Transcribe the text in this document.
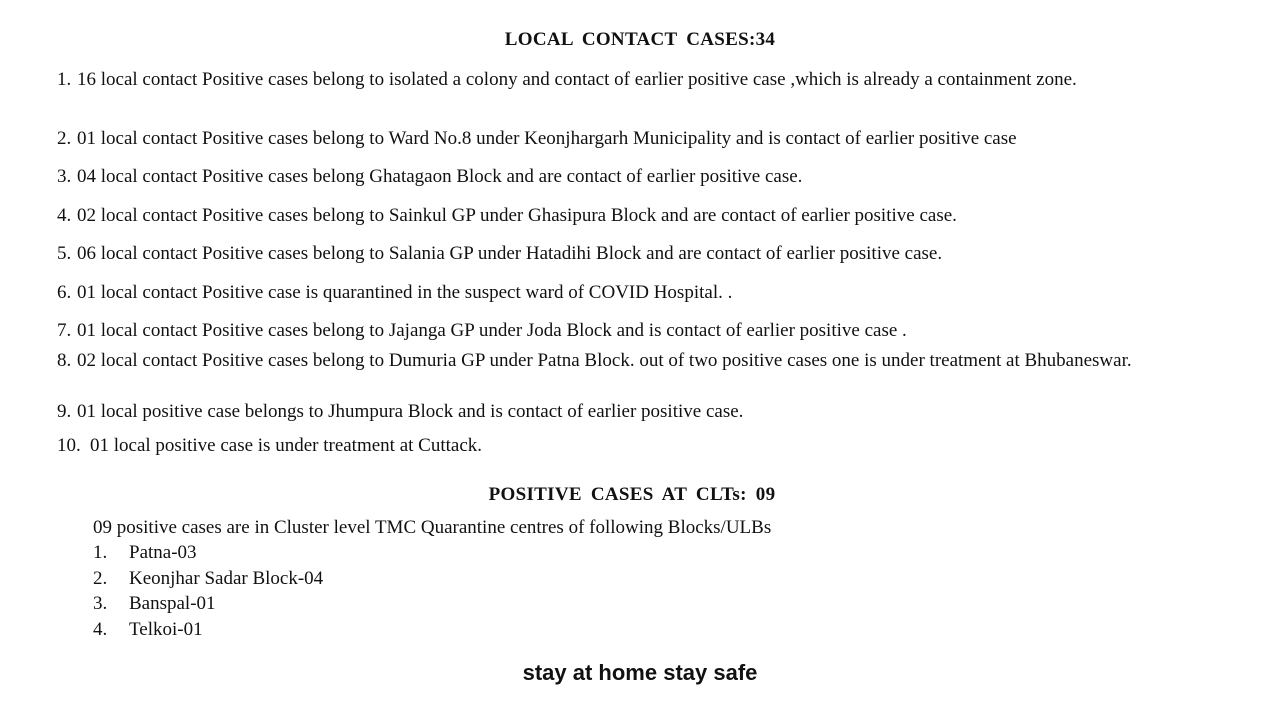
LOCAL CONTACT CASES:34
1. 16 local contact Positive cases belong to isolated a colony and contact of earlier positive case ,which is already a containment zone.
2. 01 local contact Positive cases belong to Ward No.8 under Keonjhargarh Municipality and is contact of earlier positive case
3. 04 local contact Positive cases belong Ghatagaon Block and are contact of earlier positive case.
4. 02 local contact Positive cases belong to Sainkul GP under Ghasipura Block and are contact of earlier positive case.
5. 06 local contact Positive cases belong to Salania GP under Hatadihi Block and are contact of earlier positive case.
6. 01 local contact Positive case is quarantined in the suspect ward of COVID Hospital. .
7. 01 local contact Positive cases belong to Jajanga GP under Joda Block and is contact of earlier positive case .
8. 02 local contact Positive cases belong to Dumuria GP under Patna Block. out of two positive cases one is under treatment at Bhubaneswar.
9. 01 local positive case belongs to Jhumpura Block and is contact of earlier positive case.
10. 01 local positive case is under treatment at Cuttack.
POSITIVE CASES AT CLTs: 09
09 positive cases are in Cluster level TMC Quarantine centres of following Blocks/ULBs
1. Patna-03
2. Keonjhar Sadar Block-04
3. Banspal-01
4. Telkoi-01
stay at home stay safe
